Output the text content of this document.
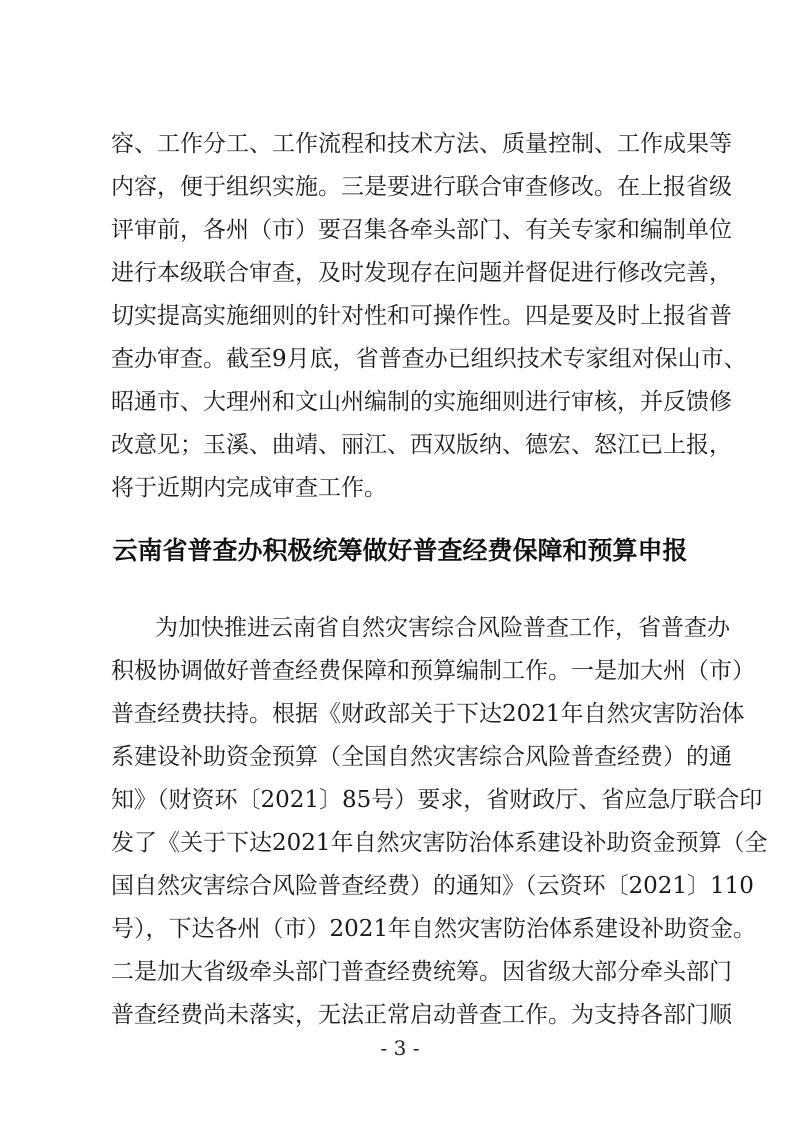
容、工作分工、工作流程和技术方法、质量控制、工作成果等
内容，便于组织实施。三是要进行联合审查修改。在上报省级
评审前，各州（市）要召集各牵头部门、有关专家和编制单位
进行本级联合审查，及时发现存在问题并督促进行修改完善，
切实提高实施细则的针对性和可操作性。四是要及时上报省普
查办审查。截至9月底，省普查办已组织技术专家组对保山市、
昭通市、大理州和文山州编制的实施细则进行审核，并反馈修
改意见；玉溪、曲靖、丽江、西双版纳、德宏、怒江已上报，
将于近期内完成审查工作。
云南省普查办积极统筹做好普查经费保障和预算申报
为加快推进云南省自然灾害综合风险普查工作，省普查办
积极协调做好普查经费保障和预算编制工作。一是加大州（市）
普查经费扶持。根据《财政部关于下达2021年自然灾害防治体
系建设补助资金预算（全国自然灾害综合风险普查经费）的通
知》（财资环〔2021〕85号）要求，省财政厅、省应急厅联合印
发了《关于下达2021年自然灾害防治体系建设补助资金预算（全
国自然灾害综合风险普查经费）的通知》（云资环〔2021〕110
号），下达各州（市）2021年自然灾害防治体系建设补助资金。
二是加大省级牵头部门普查经费统筹。因省级大部分牵头部门
普查经费尚未落实，无法正常启动普查工作。为支持各部门顺
- 3 -
